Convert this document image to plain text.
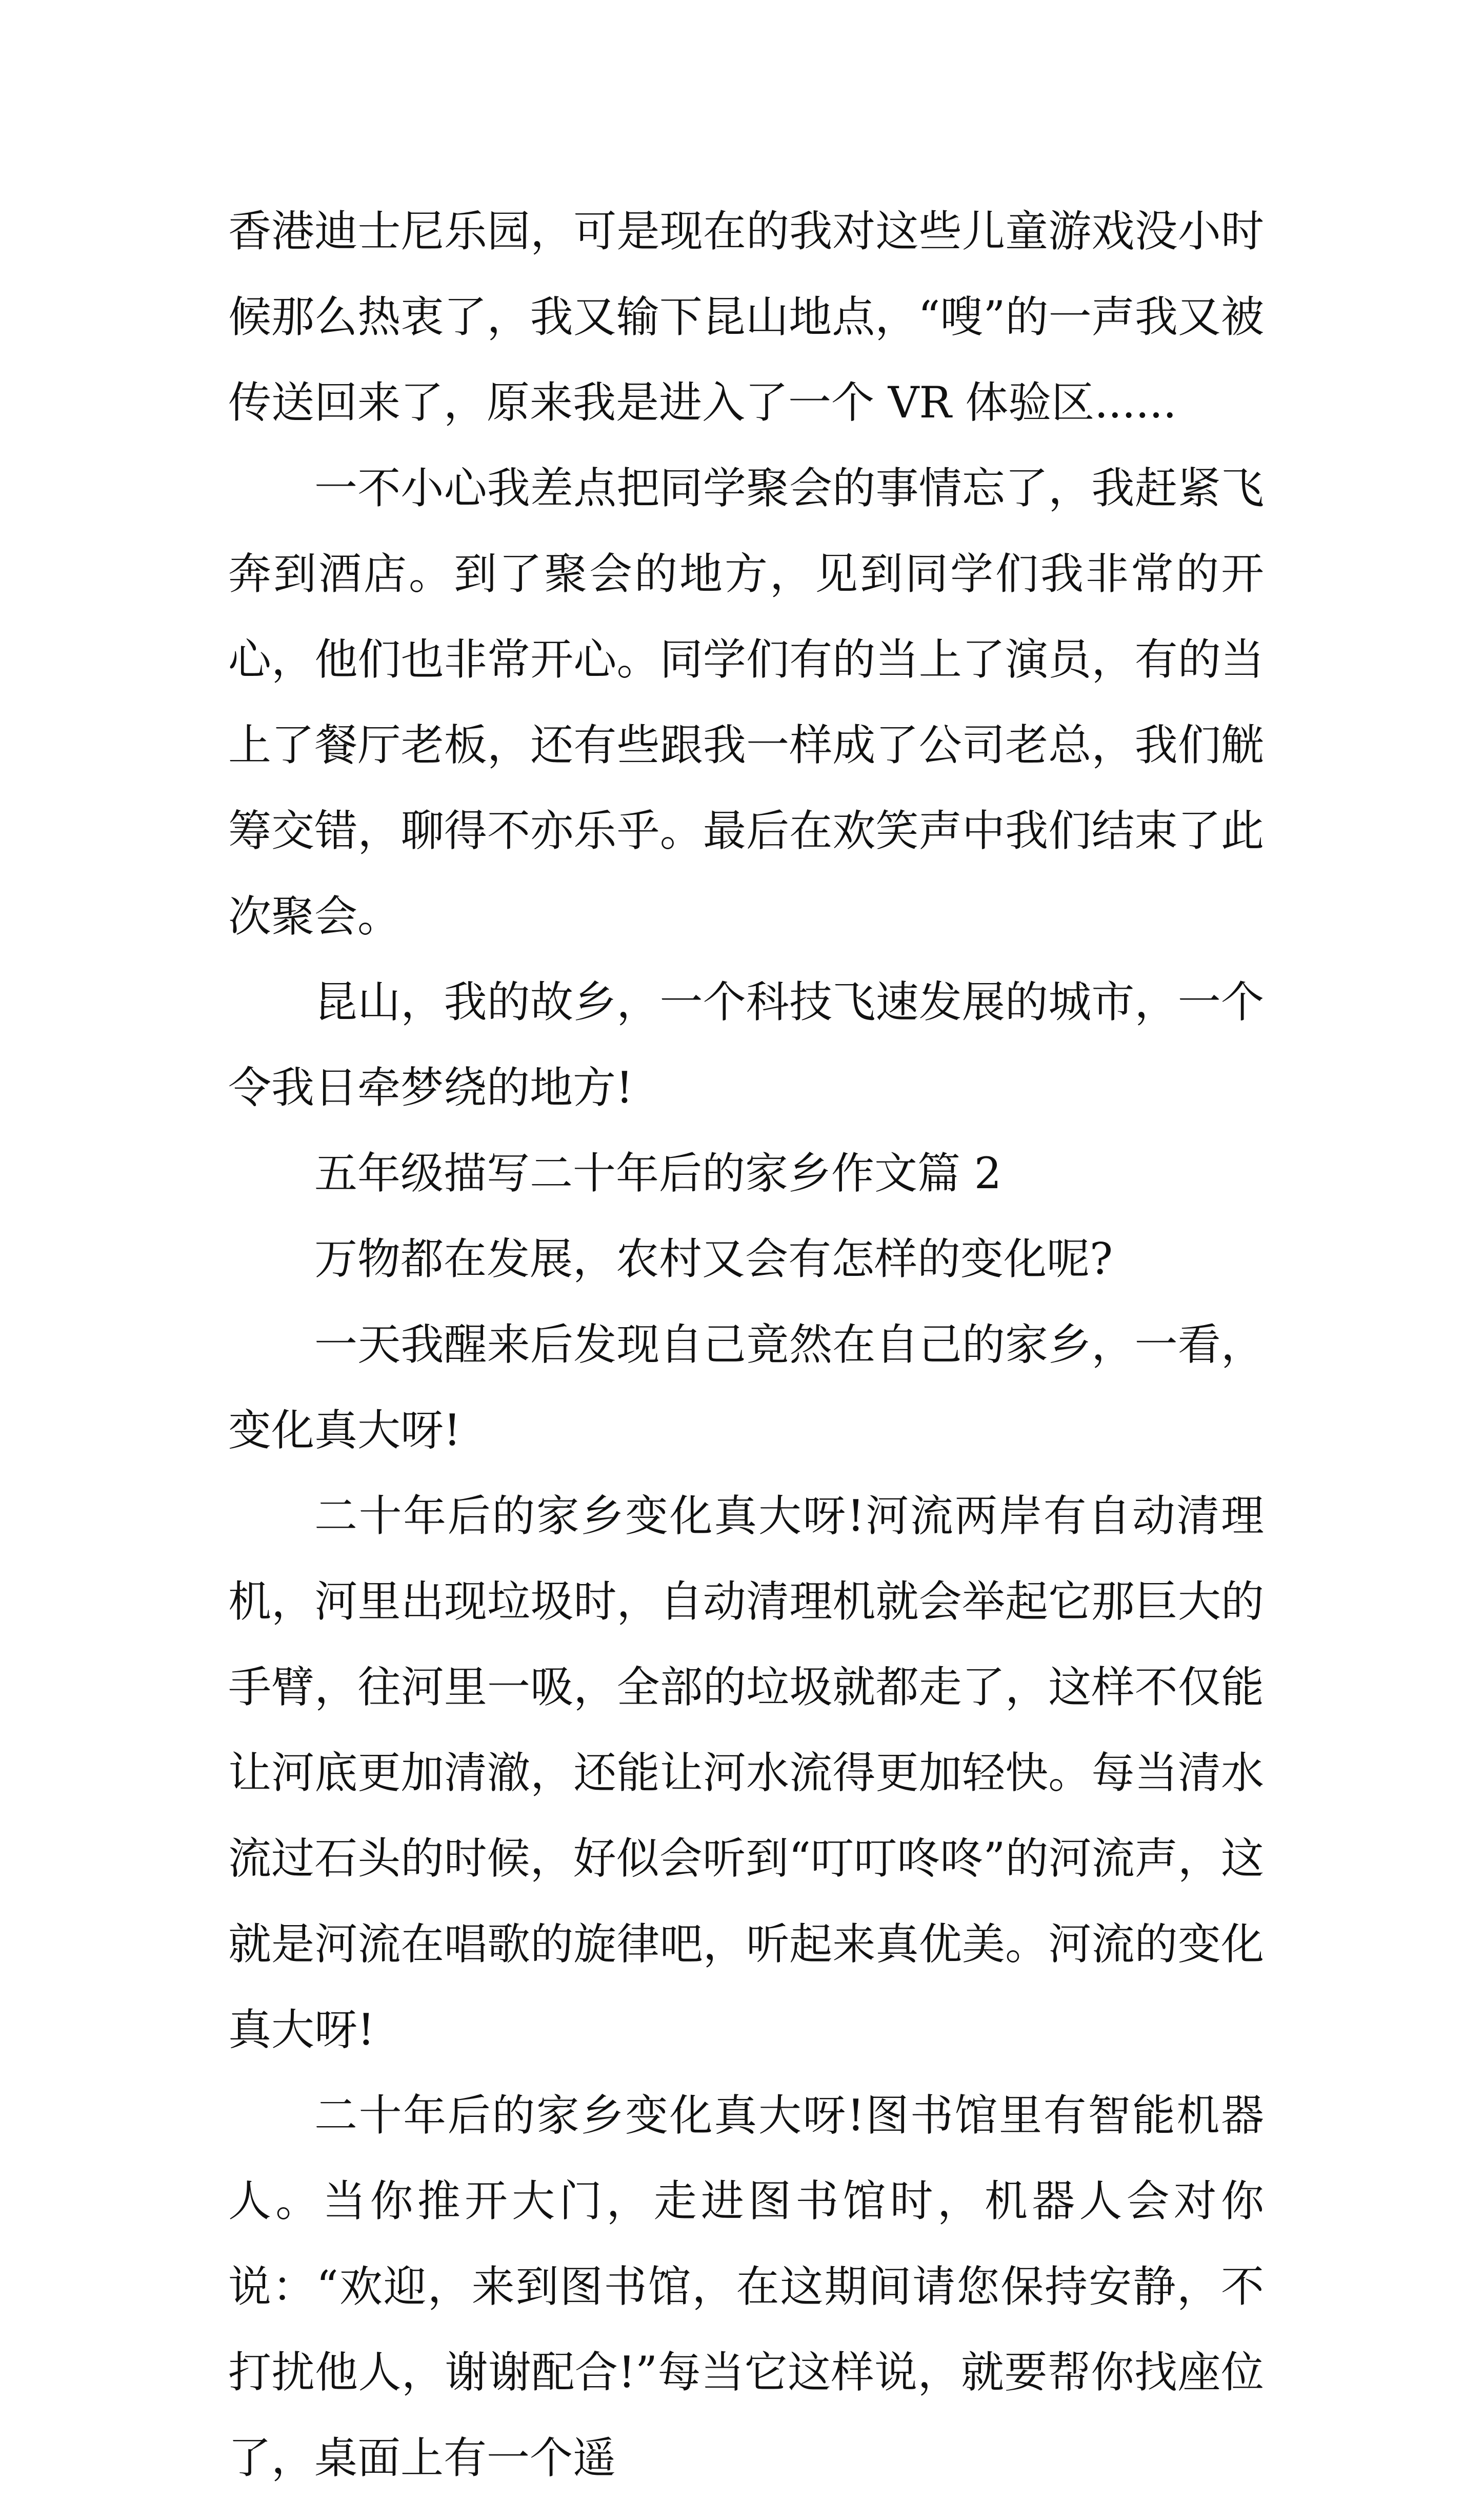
香港迪士尼乐园，可是现在的我对这些儿童游戏没小时候那么热衷了，我又输下昆山地点，“嗖”的一声我又被传送回来了，原来我是进入了一个 VR 体验区......

一不小心我差点把同学聚会的事情忘了，我赶紧飞奔到酒店。到了聚会的地方，见到同学们我非常的开心，他们也非常开心。同学们有的当上了演员，有的当上了餐厅老板，还有些跟我一样成了公司老总，我们觥筹交错，聊得不亦乐乎。最后在欢笑声中我们结束了此次聚会。

昆山，我的故乡，一个科技飞速发展的城市，一个令我日牵梦绕的地方!

五年级描写二十年后的家乡作文篇 2

万物都在发展，农村又会有怎样的变化呢?

一天我醒来后发现自己竟然在自己的家乡，一看，变化真大呀!

二十年后的家乡变化真大呀!河流两岸有自动清理机，河里出现垃圾时，自动清理机就会举起它那巨大的手臂，往河里一吸，全部的垃圾就都走了，这样不仅能让河底更加清澈，还能让河水流得更加轻快。每当清水流过石头的时候，好似会听到“叮叮咚咚”的河流声，这就是河流在唱歌的旋律吧，听起来真优美。河流的变化真大呀!

二十年后的家乡变化真大呀!图书馆里有智能机器人。当你推开大门，走进图书馆时，机器人会对你说：“欢迎，来到图书馆，在这期间请您保持安静，不打扰他人，谢谢配合!”每当它这样说，就要帮你找座位了，桌面上有一个遥
